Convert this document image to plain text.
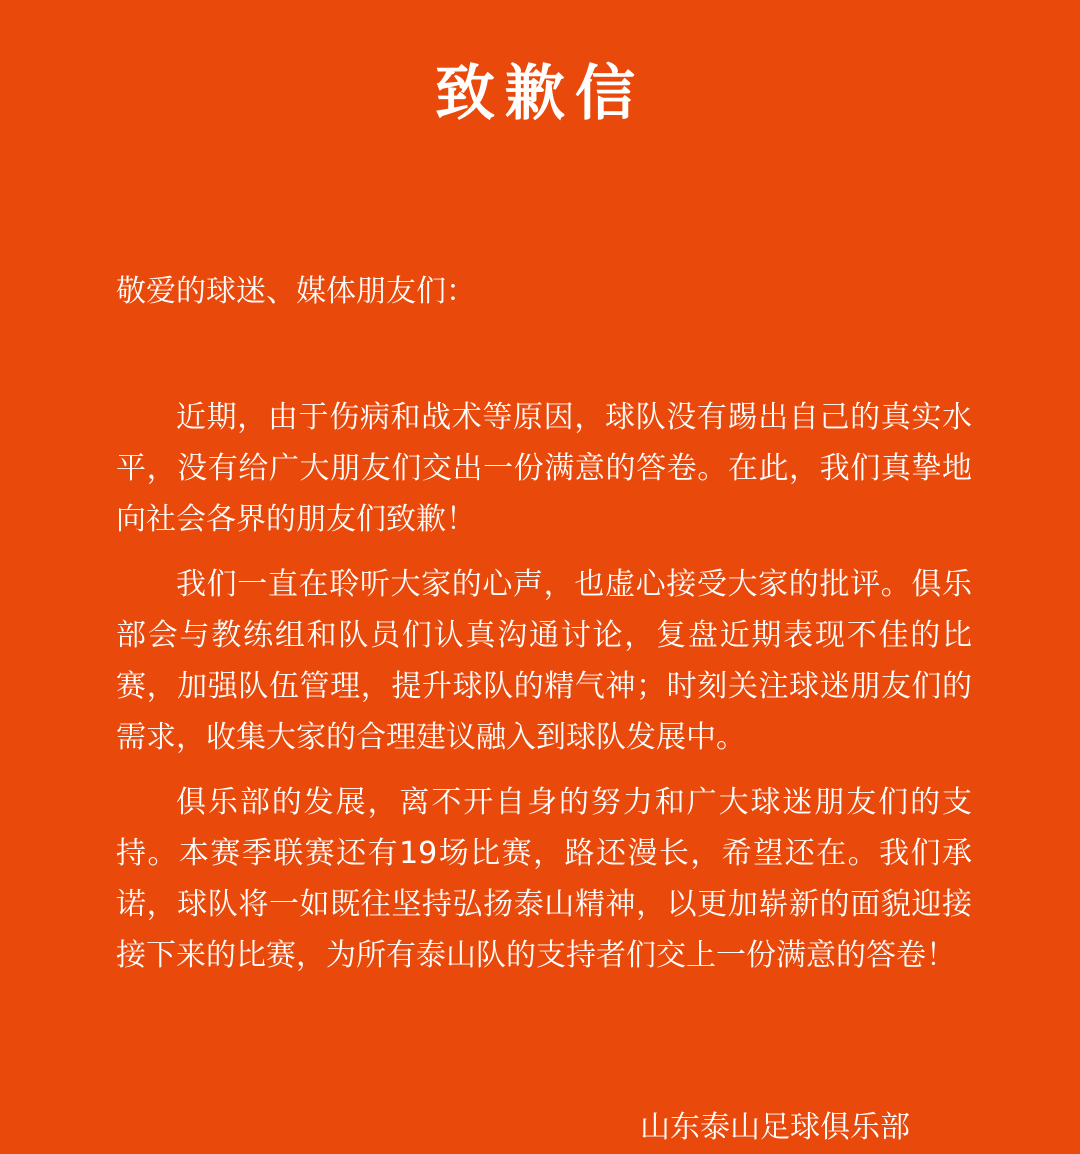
致歉信
敬爱的球迷、媒体朋友们：

近期，由于伤病和战术等原因，球队没有踢出自己的真实水平，没有给广大朋友们交出一份满意的答卷。在此，我们真挚地向社会各界的朋友们致歉！

我们一直在聆听大家的心声，也虚心接受大家的批评。俱乐部会与教练组和队员们认真沟通讨论，复盘近期表现不佳的比赛，加强队伍管理，提升球队的精气神；时刻关注球迷朋友们的需求，收集大家的合理建议融入到球队发展中。

俱乐部的发展，离不开自身的努力和广大球迷朋友们的支持。本赛季联赛还有19场比赛，路还漫长，希望还在。我们承诺，球队将一如既往坚持弘扬泰山精神，以更加崭新的面貌迎接接下来的比赛，为所有泰山队的支持者们交上一份满意的答卷！

山东泰山足球俱乐部
